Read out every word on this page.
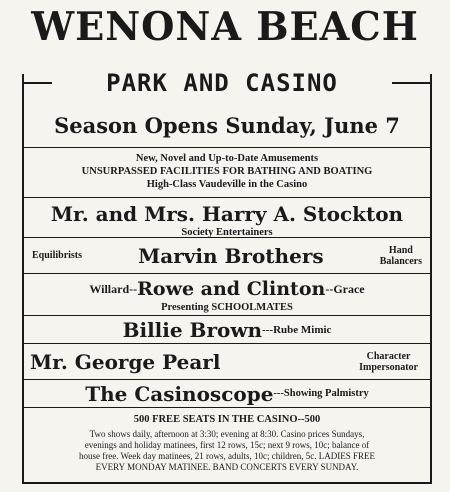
WENONA BEACH
PARK AND CASINO
Season Opens Sunday, June 7
New, Novel and Up-to-Date Amusements
UNSURPASSED FACILITIES FOR BATHING AND BOATING
High-Class Vaudeville in the Casino
Mr. and Mrs. Harry A. Stockton
Society Entertainers
Equilibrists	Marvin Brothers	Hand
Balancers
Willard-- Rowe and Clinton --Grace
Presenting SCHOOLMATES
Billie Brown ---Rube Mimic
Mr. George Pearl	Character
Impersonator
The Casinoscope ---Showing Palmistry
500 FREE SEATS IN THE CASINO--500
Two shows daily, afternoon at 3:30; evening at 8:30. Casino prices Sundays,
evenings and holiday matinees, first 12 rows, 15c; next 9 rows, 10c; balance of
house free. Week day matinees, 21 rows, adults, 10c; children, 5c. LADIES FREE
EVERY MONDAY MATINEE. BAND CONCERTS EVERY SUNDAY.
